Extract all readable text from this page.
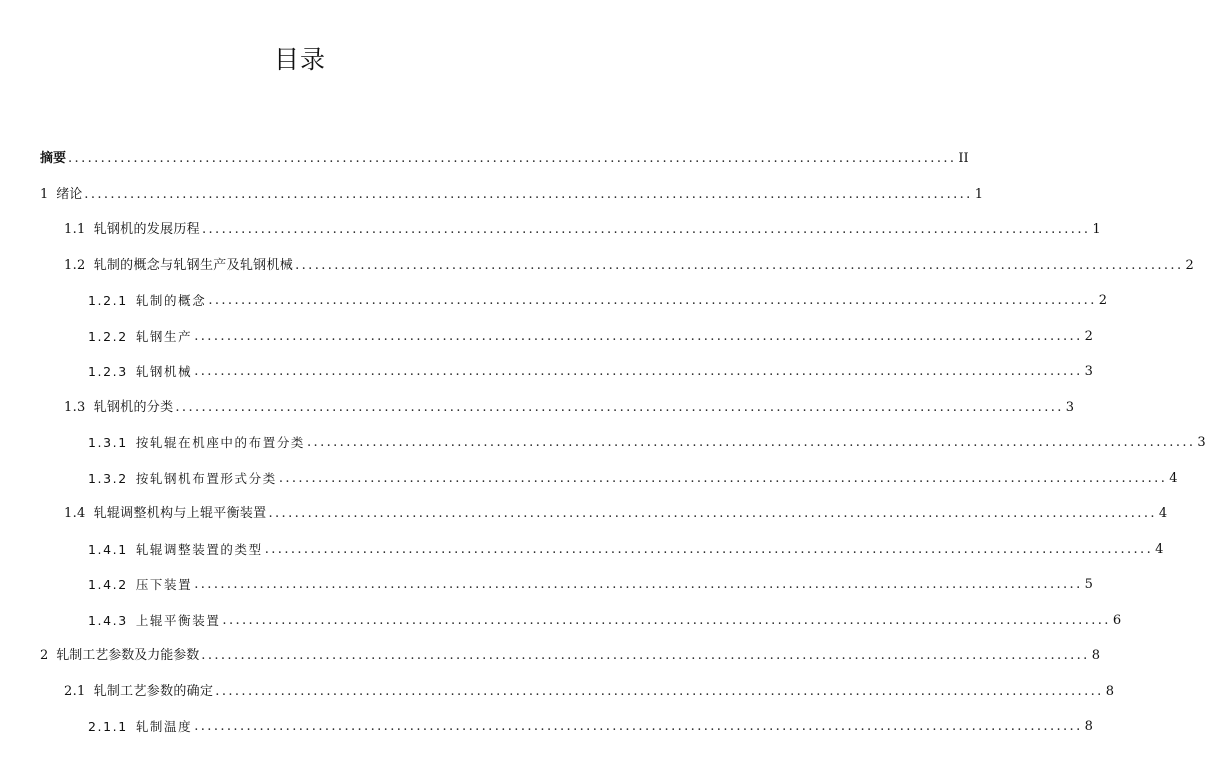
目录
摘要 ........................................................................................................................................ II
1 绪论 ........................................................................................................................................ 1
1.1 轧钢机的发展历程 ........................................................................................................................................ 1
1.2 轧制的概念与轧钢生产及轧钢机械 ........................................................................................................................................ 2
1.2.1 轧制的概念 ........................................................................................................................................ 2
1.2.2 轧钢生产 ........................................................................................................................................ 2
1.2.3 轧钢机械 ........................................................................................................................................ 3
1.3 轧钢机的分类 ........................................................................................................................................ 3
1.3.1 按轧辊在机座中的布置分类 ........................................................................................................................................ 3
1.3.2 按轧钢机布置形式分类 ........................................................................................................................................ 4
1.4 轧辊调整机构与上辊平衡装置 ........................................................................................................................................ 4
1.4.1 轧辊调整装置的类型 ........................................................................................................................................ 4
1.4.2 压下装置 ........................................................................................................................................ 5
1.4.3 上辊平衡装置 ........................................................................................................................................ 6
2 轧制工艺参数及力能参数 ........................................................................................................................................ 8
2.1 轧制工艺参数的确定 ........................................................................................................................................ 8
2.1.1 轧制温度 ........................................................................................................................................ 8
